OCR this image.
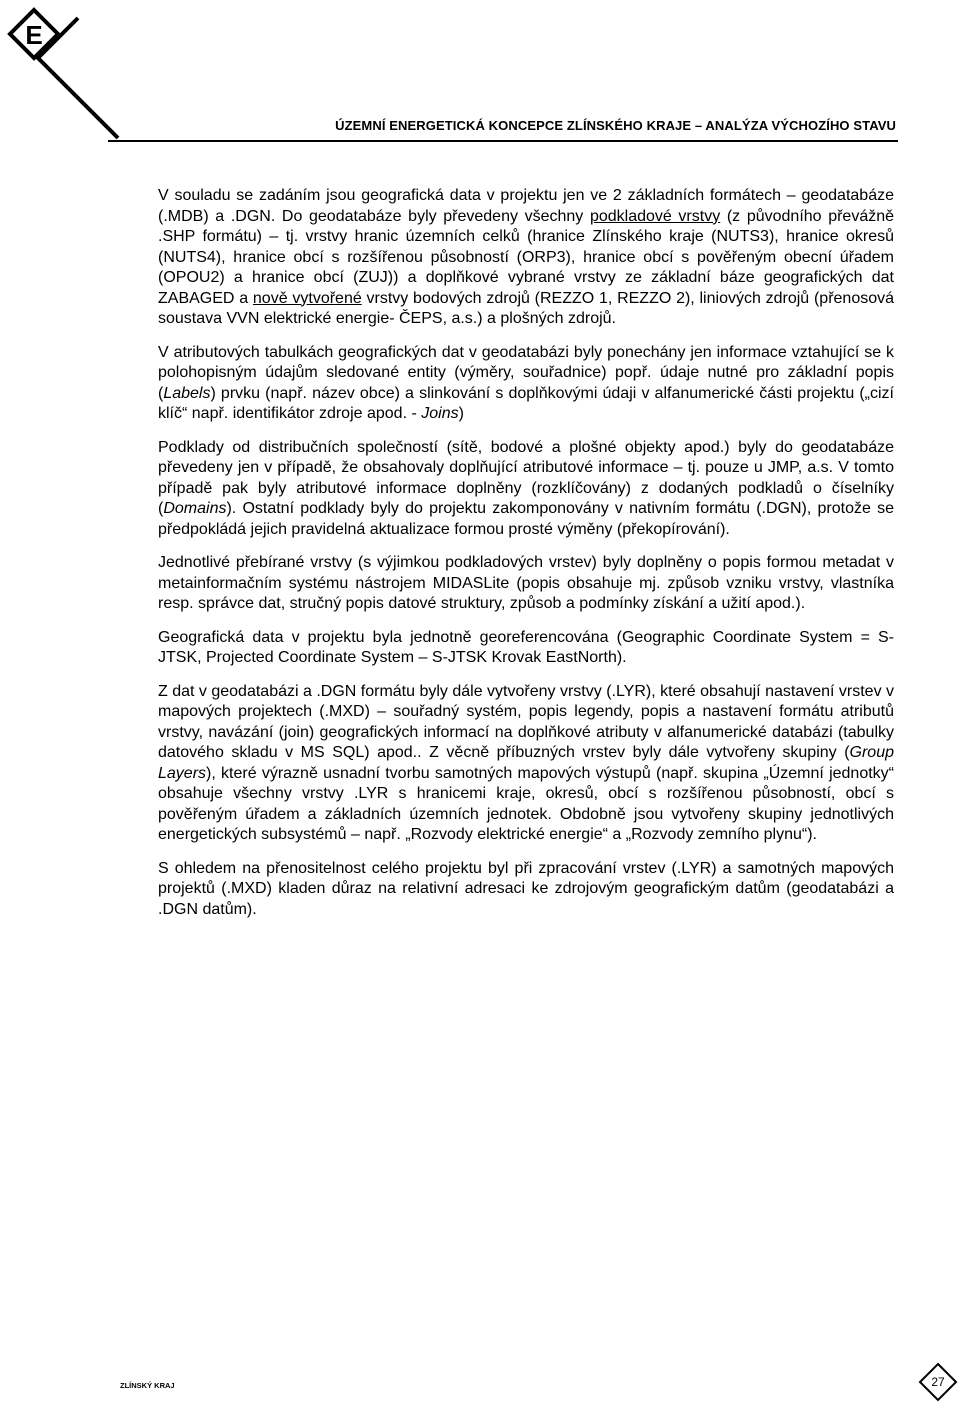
E
ÚZEMNÍ ENERGETICKÁ KONCEPCE ZLÍNSKÉHO KRAJE – ANALÝZA VÝCHOZÍHO STAVU

V souladu se zadáním jsou geografická data v projektu jen ve 2 základních formátech – geodatabáze (.MDB) a .DGN. Do geodatabáze byly převedeny všechny podkladové vrstvy (z původního převážně .SHP formátu) – tj. vrstvy hranic územních celků (hranice Zlínského kraje (NUTS3), hranice okresů (NUTS4), hranice obcí s rozšířenou působností (ORP3), hranice obcí s pověřeným obecní úřadem (OPOU2) a hranice obcí (ZUJ)) a doplňkové vybrané vrstvy ze základní báze geografických dat ZABAGED a nově vytvořené vrstvy bodových zdrojů (REZZO 1, REZZO 2), liniových zdrojů (přenosová soustava VVN elektrické energie- ČEPS, a.s.) a plošných zdrojů.

V atributových tabulkách geografických dat v geodatabázi byly ponechány jen informace vztahující se k polohopisným údajům sledované entity (výměry, souřadnice) popř. údaje nutné pro základní popis (Labels) prvku (např. název obce) a slinkování s doplňkovými údaji v alfanumerické části projektu („cizí klíč“ např. identifikátor zdroje apod. - Joins)

Podklady od distribučních společností (sítě, bodové a plošné objekty apod.) byly do geodatabáze převedeny jen v případě, že obsahovaly doplňující atributové informace – tj. pouze u JMP, a.s. V tomto případě pak byly atributové informace doplněny (rozklíčovány) z dodaných podkladů o číselníky (Domains). Ostatní podklady byly do projektu zakomponovány v nativním formátu (.DGN), protože se předpokládá jejich pravidelná aktualizace formou prosté výměny (překopírování).

Jednotlivé přebírané vrstvy (s výjimkou podkladových vrstev) byly doplněny o popis formou metadat v metainformačním systému nástrojem MIDASLite (popis obsahuje mj. způsob vzniku vrstvy, vlastníka resp. správce dat, stručný popis datové struktury, způsob a podmínky získání a užití apod.).

Geografická data v projektu byla jednotně georeferencována (Geographic Coordinate System = S-JTSK, Projected Coordinate System – S-JTSK Krovak EastNorth).

Z dat v geodatabázi a .DGN formátu byly dále vytvořeny vrstvy (.LYR), které obsahují nastavení vrstev v mapových projektech (.MXD) – souřadný systém, popis legendy, popis a nastavení formátu atributů vrstvy, navázání (join) geografických informací na doplňkové atributy v alfanumerické databázi (tabulky datového skladu v MS SQL) apod.. Z věcně příbuzných vrstev byly dále vytvořeny skupiny (Group Layers), které výrazně usnadní tvorbu samotných mapových výstupů (např. skupina „Územní jednotky“ obsahuje všechny vrstvy .LYR s hranicemi kraje, okresů, obcí s rozšířenou působností, obcí s pověřeným úřadem a základních územních jednotek. Obdobně jsou vytvořeny skupiny jednotlivých energetických subsystémů – např. „Rozvody elektrické energie“ a „Rozvody zemního plynu“).

S ohledem na přenositelnost celého projektu byl při zpracování vrstev (.LYR) a samotných mapových projektů (.MXD) kladen důraz na relativní adresaci ke zdrojovým geografickým datům (geodatabázi a .DGN datům).

ZLÍNSKÝ KRAJ	27
